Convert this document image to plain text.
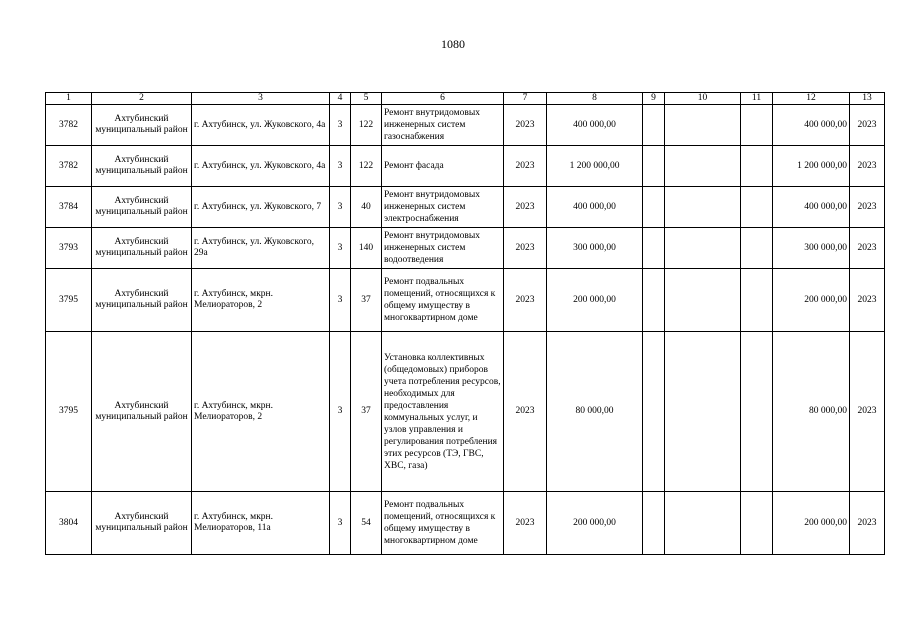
1080
1	2	3	4	5	6	7	8	9	10	11	12	13
3782	Ахтубинский муниципальный район	г. Ахтубинск, ул. Жуковского, 4а	3	122	Ремонт внутридомовых инженерных систем газоснабжения	2023	400 000,00				400 000,00	2023
3782	Ахтубинский муниципальный район	г. Ахтубинск, ул. Жуковского, 4а	3	122	Ремонт фасада	2023	1 200 000,00				1 200 000,00	2023
3784	Ахтубинский муниципальный район	г. Ахтубинск, ул. Жуковского, 7	3	40	Ремонт внутридомовых инженерных систем электроснабжения	2023	400 000,00				400 000,00	2023
3793	Ахтубинский муниципальный район	г. Ахтубинск, ул. Жуковского, 29а	3	140	Ремонт внутридомовых инженерных систем водоотведения	2023	300 000,00				300 000,00	2023
3795	Ахтубинский муниципальный район	г. Ахтубинск, мкрн. Мелиораторов, 2	3	37	Ремонт подвальных помещений, относящихся к общему имуществу в многоквартирном доме	2023	200 000,00				200 000,00	2023
3795	Ахтубинский муниципальный район	г. Ахтубинск, мкрн. Мелиораторов, 2	3	37	Установка коллективных (общедомовых) приборов учета потребления ресурсов, необходимых для предоставления коммунальных услуг, и узлов управления и регулирования потребления этих ресурсов (ТЭ, ГВС, ХВС, газа)	2023	80 000,00				80 000,00	2023
3804	Ахтубинский муниципальный район	г. Ахтубинск, мкрн. Мелиораторов, 11а	3	54	Ремонт подвальных помещений, относящихся к общему имуществу в многоквартирном доме	2023	200 000,00				200 000,00	2023
